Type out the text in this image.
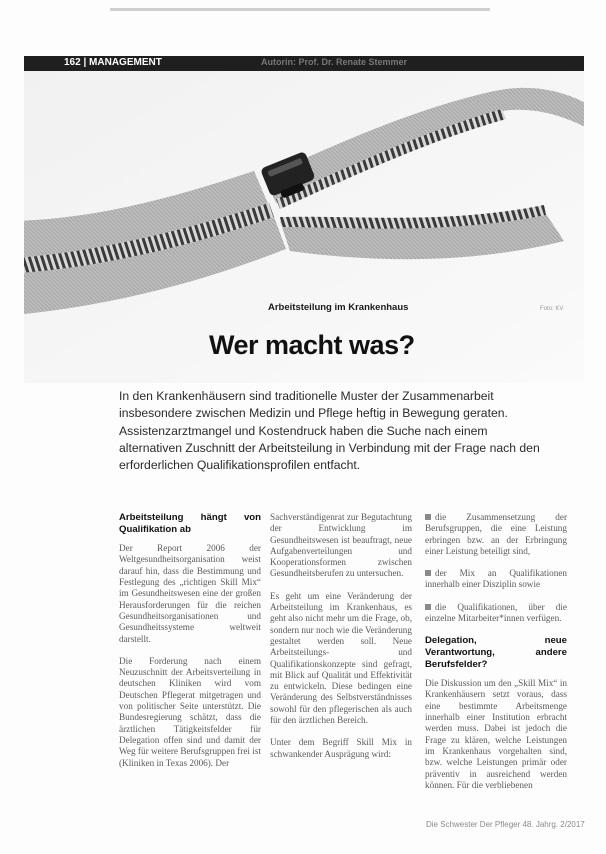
162 | MANAGEMENT	Autorin: Prof. Dr. Renate Stemmer
Arbeitsteilung im Krankenhaus	Foto: KV
Wer macht was?
In den Krankenhäusern sind traditionelle Muster der Zusammenarbeit insbesondere zwischen Medizin und Pflege heftig in Bewegung geraten. Assistenzarztmangel und Kostendruck haben die Suche nach einem alternativen Zuschnitt der Arbeitsteilung in Verbindung mit der Frage nach den erforderlichen Qualifikationsprofilen entfacht.
Arbeitsteilung hängt von Qualifikation ab

Der Report 2006 der Weltgesundheitsorganisation weist darauf hin, dass die Bestimmung und Festlegung des „richtigen Skill Mix“ im Gesundheitswesen eine der großen Herausforderungen für die reichen Gesundheitsorganisationen und Gesundheitssysteme weltweit darstellt.

Die Forderung nach einem Neuzuschnitt der Arbeitsverteilung in deutschen Kliniken wird vom Deutschen Pflegerat mitgetragen und von politischer Seite unterstützt. Die Bundesregierung schätzt, dass die ärztlichen Tätigkeitsfelder für Delegation offen sind und damit der Weg für weitere Berufsgruppen frei ist (Kliniken in Texas 2006). Der

Sachverständigenrat zur Begutachtung der Entwicklung im Gesundheitswesen ist beauftragt, neue Aufgabenverteilungen und Kooperationsformen zwischen Gesundheitsberufen zu untersuchen.

Es geht um eine Veränderung der Arbeitsteilung im Krankenhaus, es geht also nicht mehr um die Frage, ob, sondern nur noch wie die Veränderung gestaltet werden soll. Neue Arbeitsteilungs- und Qualifikationskonzepte sind gefragt, mit Blick auf Qualität und Effektivität zu entwickeln. Diese bedingen eine Veränderung des Selbstverständnisses sowohl für den pflegerischen als auch für den ärztlichen Bereich.

Unter dem Begriff Skill Mix in schwankender Ausprägung wird:

die Zusammensetzung der Berufsgruppen, die eine Leistung erbringen bzw. an der Erbringung einer Leistung beteiligt sind,

der Mix an Qualifikationen innerhalb einer Disziplin sowie

die Qualifikationen, über die einzelne Mitarbeiter*innen verfügen.

Delegation, neue Verantwortung, andere Berufsfelder?

Die Diskussion um den „Skill Mix“ in Krankenhäusern setzt voraus, dass eine bestimmte Arbeitsmenge innerhalb einer Institution erbracht werden muss. Dabei ist jedoch die Frage zu klären, welche Leistungen im Krankenhaus vorgehalten sind, bzw. welche Leistungen primär oder präventiv in ausreichend werden können. Für die verbliebenen

Die Schwester Der Pfleger 48. Jahrg. 2/2017
